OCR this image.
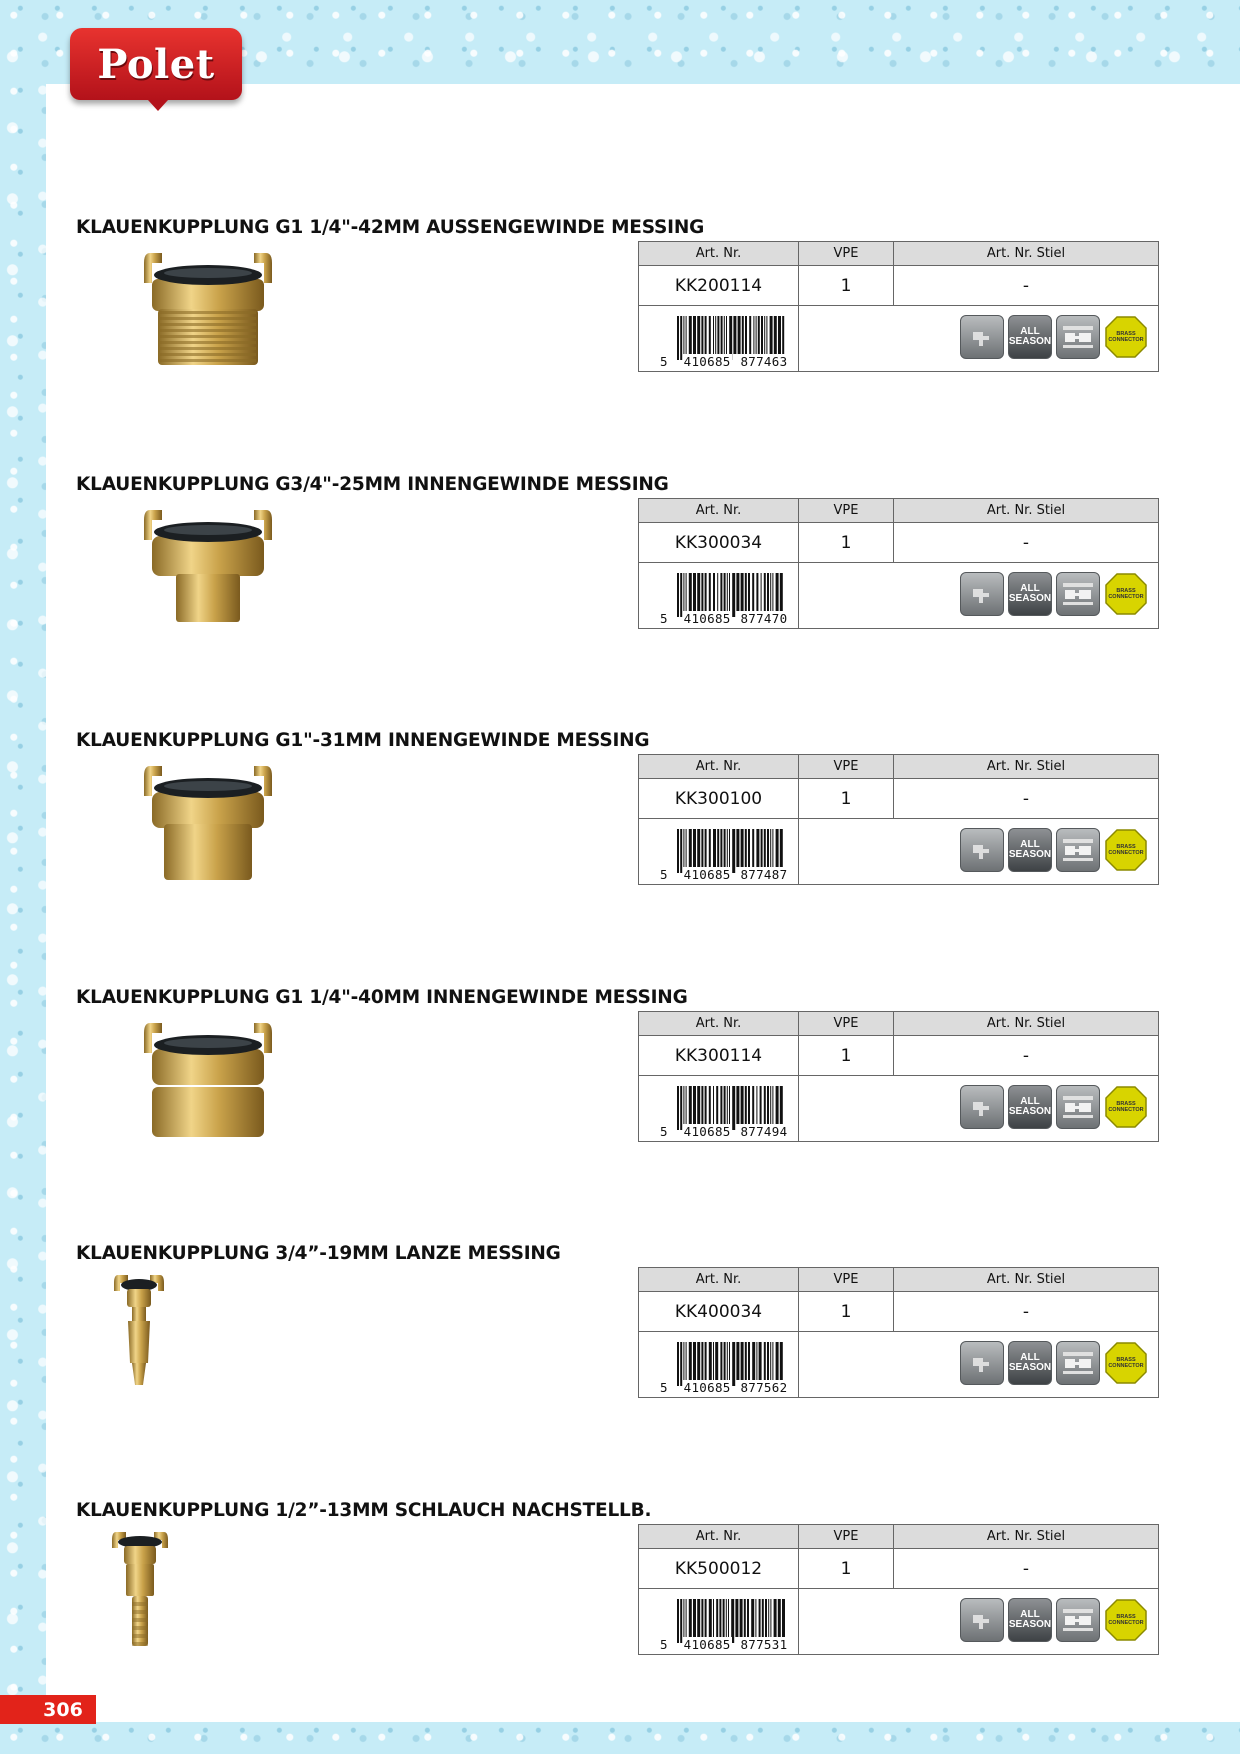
Polet
KLAUENKUPPLUNG G1 1/4"-42MM AUSSENGEWINDE MESSING
Art. Nr.	VPE	Art. Nr. Stiel
KK200114	1	-

5 410685 877463	ALL
SEASON
BRASS
CONNECTOR	
KLAUENKUPPLUNG G3/4"-25MM INNENGEWINDE MESSING
Art. Nr.	VPE	Art. Nr. Stiel
KK300034	1	-

5 410685 877470	ALL
SEASON
BRASS
CONNECTOR	
KLAUENKUPPLUNG G1"-31MM INNENGEWINDE MESSING
Art. Nr.	VPE	Art. Nr. Stiel
KK300100	1	-

5 410685 877487	ALL
SEASON
BRASS
CONNECTOR	
KLAUENKUPPLUNG G1 1/4"-40MM INNENGEWINDE MESSING
Art. Nr.	VPE	Art. Nr. Stiel
KK300114	1	-

5 410685 877494	ALL
SEASON
BRASS
CONNECTOR	
KLAUENKUPPLUNG 3/4”-19MM LANZE MESSING
Art. Nr.	VPE	Art. Nr. Stiel
KK400034	1	-

5 410685 877562	ALL
SEASON
BRASS
CONNECTOR	
KLAUENKUPPLUNG 1/2”-13MM SCHLAUCH NACHSTELLB.
Art. Nr.	VPE	Art. Nr. Stiel
KK500012	1	-

5 410685 877531	ALL
SEASON
BRASS
CONNECTOR	
306
